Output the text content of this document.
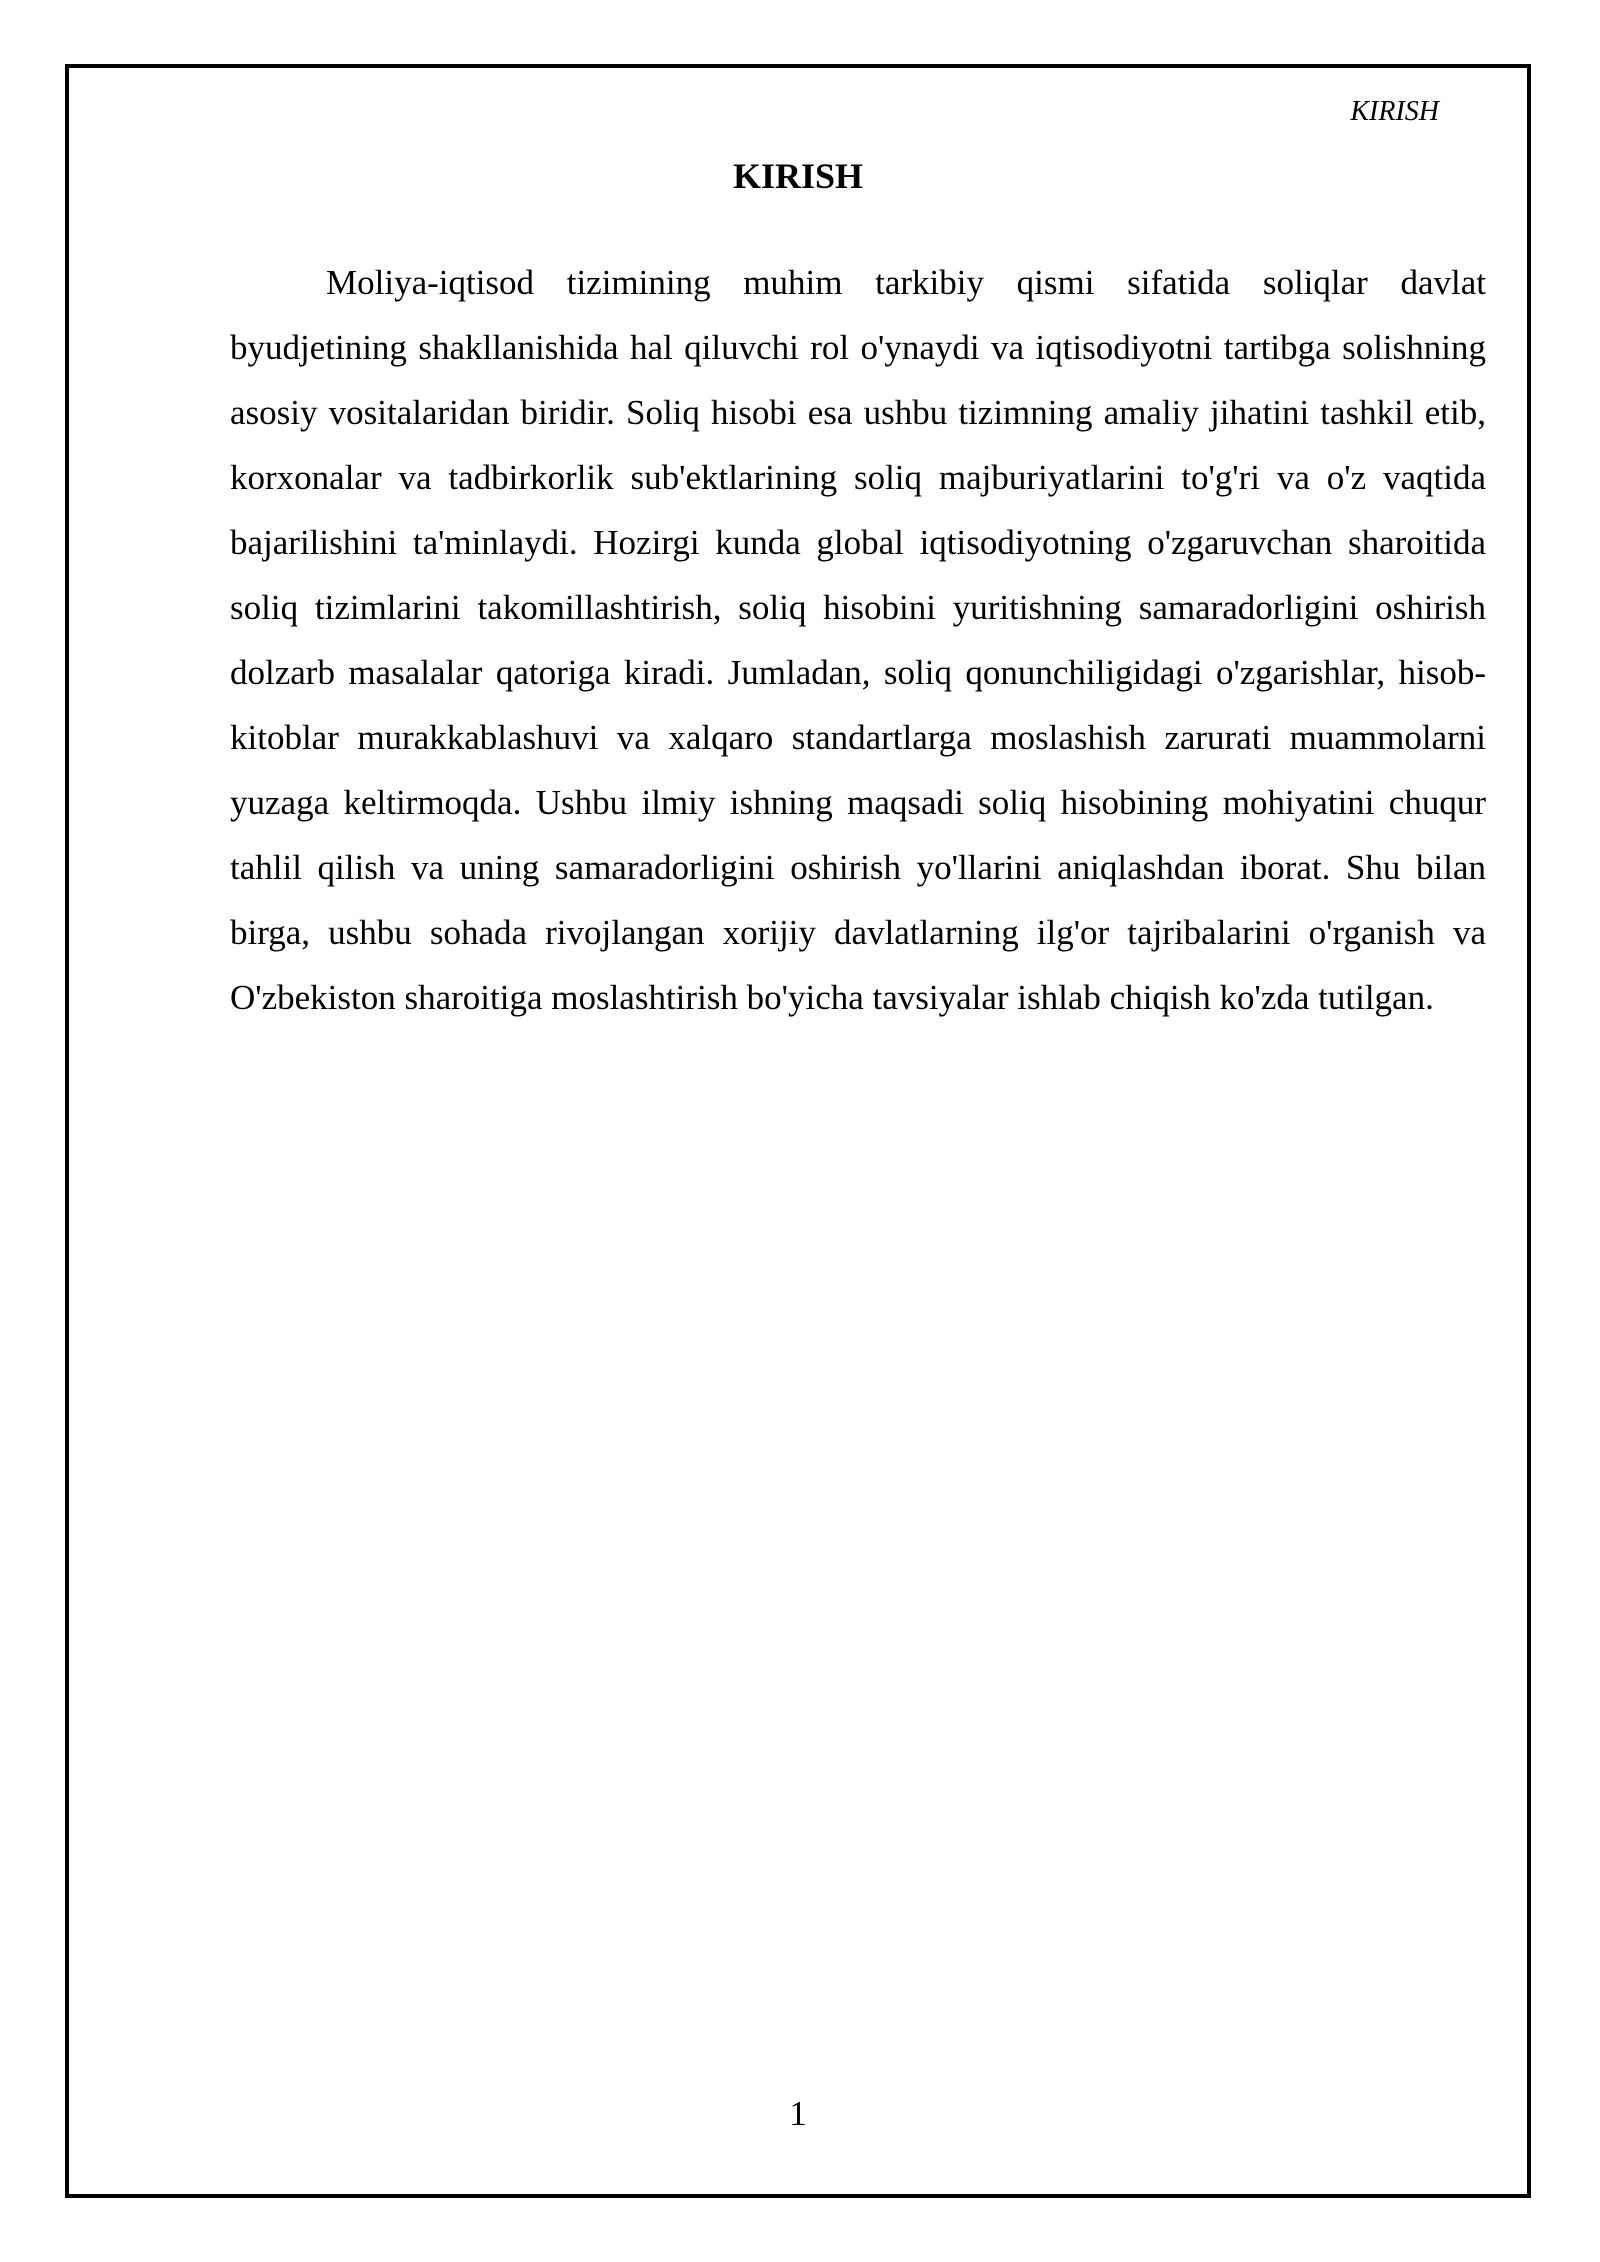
KIRISH
KIRISH

Moliya-iqtisod tizimining muhim tarkibiy qismi sifatida soliqlar davlat byudjetining shakllanishida hal qiluvchi rol o'ynaydi va iqtisodiyotni tartibga solishning asosiy vositalaridan biridir. Soliq hisobi esa ushbu tizimning amaliy jihatini tashkil etib, korxonalar va tadbirkorlik sub'ektlarining soliq majburiyatlarini to'g'ri va o'z vaqtida bajarilishini ta'minlaydi. Hozirgi kunda global iqtisodiyotning o'zgaruvchan sharoitida soliq tizimlarini takomillashtirish, soliq hisobini yuritishning samaradorligini oshirish dolzarb masalalar qatoriga kiradi. Jumladan, soliq qonunchiligidagi o'zgarishlar, hisob-kitoblar murakkablashuvi va xalqaro standartlarga moslashish zarurati muammolarni yuzaga keltirmoqda. Ushbu ilmiy ishning maqsadi soliq hisobining mohiyatini chuqur tahlil qilish va uning samaradorligini oshirish yo'llarini aniqlashdan iborat. Shu bilan birga, ushbu sohada rivojlangan xorijiy davlatlarning ilg'or tajribalarini o'rganish va O'zbekiston sharoitiga moslashtirish bo'yicha tavsiyalar ishlab chiqish ko'zda tutilgan.

1
